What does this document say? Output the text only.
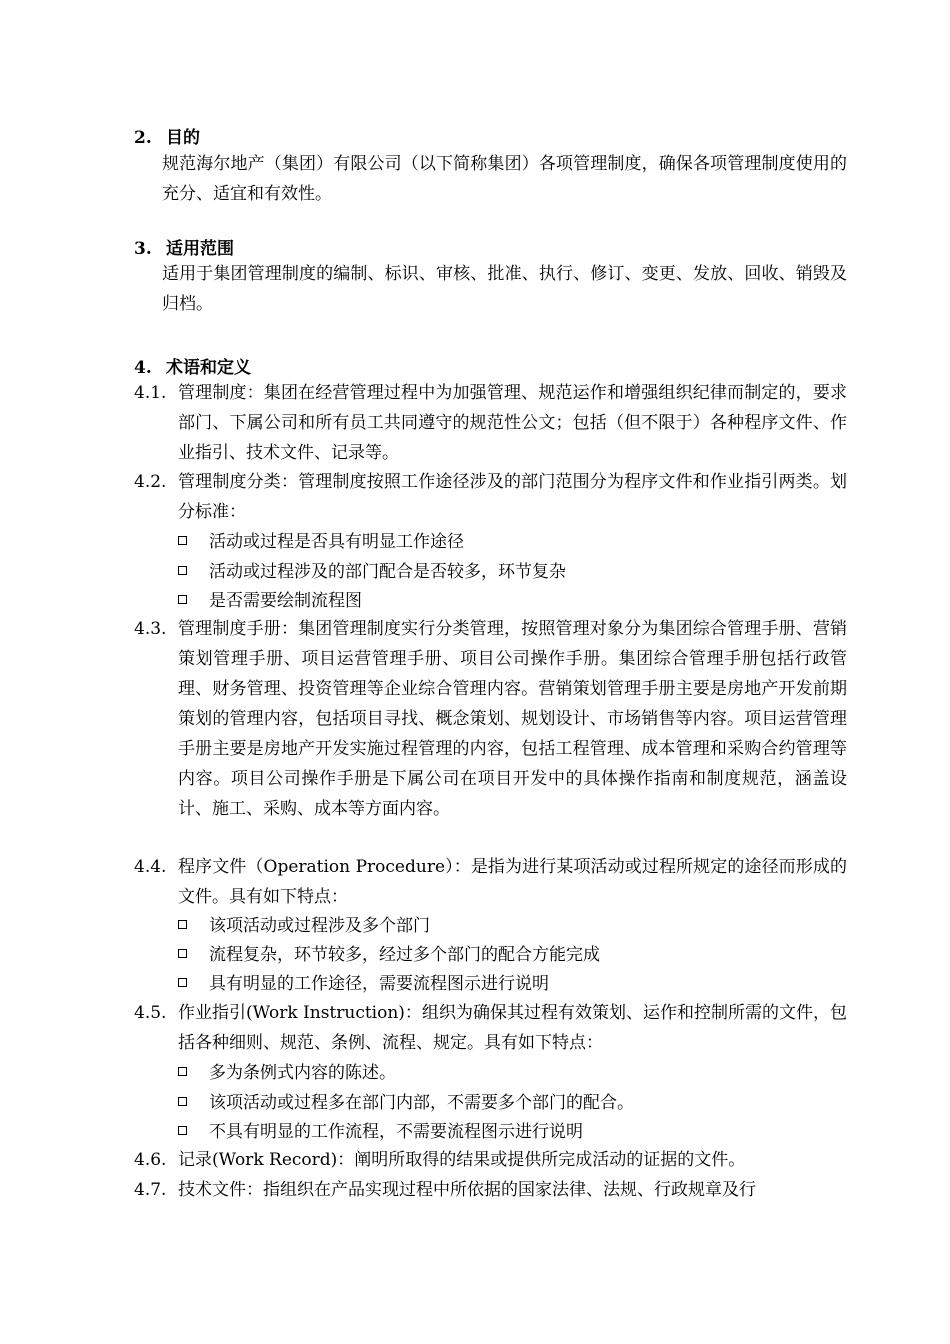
2. 目的
规范海尔地产（集团）有限公司（以下简称集团）各项管理制度，确保各项管理制度使用的充分、适宜和有效性。
3. 适用范围
适用于集团管理制度的编制、标识、审核、批准、执行、修订、变更、发放、回收、销毁及归档。
4. 术语和定义
4.1. 管理制度：集团在经营管理过程中为加强管理、规范运作和增强组织纪律而制定的，要求部门、下属公司和所有员工共同遵守的规范性公文；包括（但不限于）各种程序文件、作业指引、技术文件、记录等。
4.2. 管理制度分类：管理制度按照工作途径涉及的部门范围分为程序文件和作业指引两类。划分标准：
活动或过程是否具有明显工作途径
活动或过程涉及的部门配合是否较多，环节复杂
是否需要绘制流程图
4.3. 管理制度手册：集团管理制度实行分类管理，按照管理对象分为集团综合管理手册、营销策划管理手册、项目运营管理手册、项目公司操作手册。集团综合管理手册包括行政管理、财务管理、投资管理等企业综合管理内容。营销策划管理手册主要是房地产开发前期策划的管理内容，包括项目寻找、概念策划、规划设计、市场销售等内容。项目运营管理手册主要是房地产开发实施过程管理的内容，包括工程管理、成本管理和采购合约管理等内容。项目公司操作手册是下属公司在项目开发中的具体操作指南和制度规范，涵盖设计、施工、采购、成本等方面内容。
4.4. 程序文件（Operation Procedure）：是指为进行某项活动或过程所规定的途径而形成的文件。具有如下特点：
该项活动或过程涉及多个部门
流程复杂，环节较多，经过多个部门的配合方能完成
具有明显的工作途径，需要流程图示进行说明
4.5. 作业指引(Work Instruction)：组织为确保其过程有效策划、运作和控制所需的文件，包括各种细则、规范、条例、流程、规定。具有如下特点：
多为条例式内容的陈述。
该项活动或过程多在部门内部，不需要多个部门的配合。
不具有明显的工作流程，不需要流程图示进行说明
4.6. 记录(Work Record)：阐明所取得的结果或提供所完成活动的证据的文件。
4.7. 技术文件：指组织在产品实现过程中所依据的国家法律、法规、行政规章及行
